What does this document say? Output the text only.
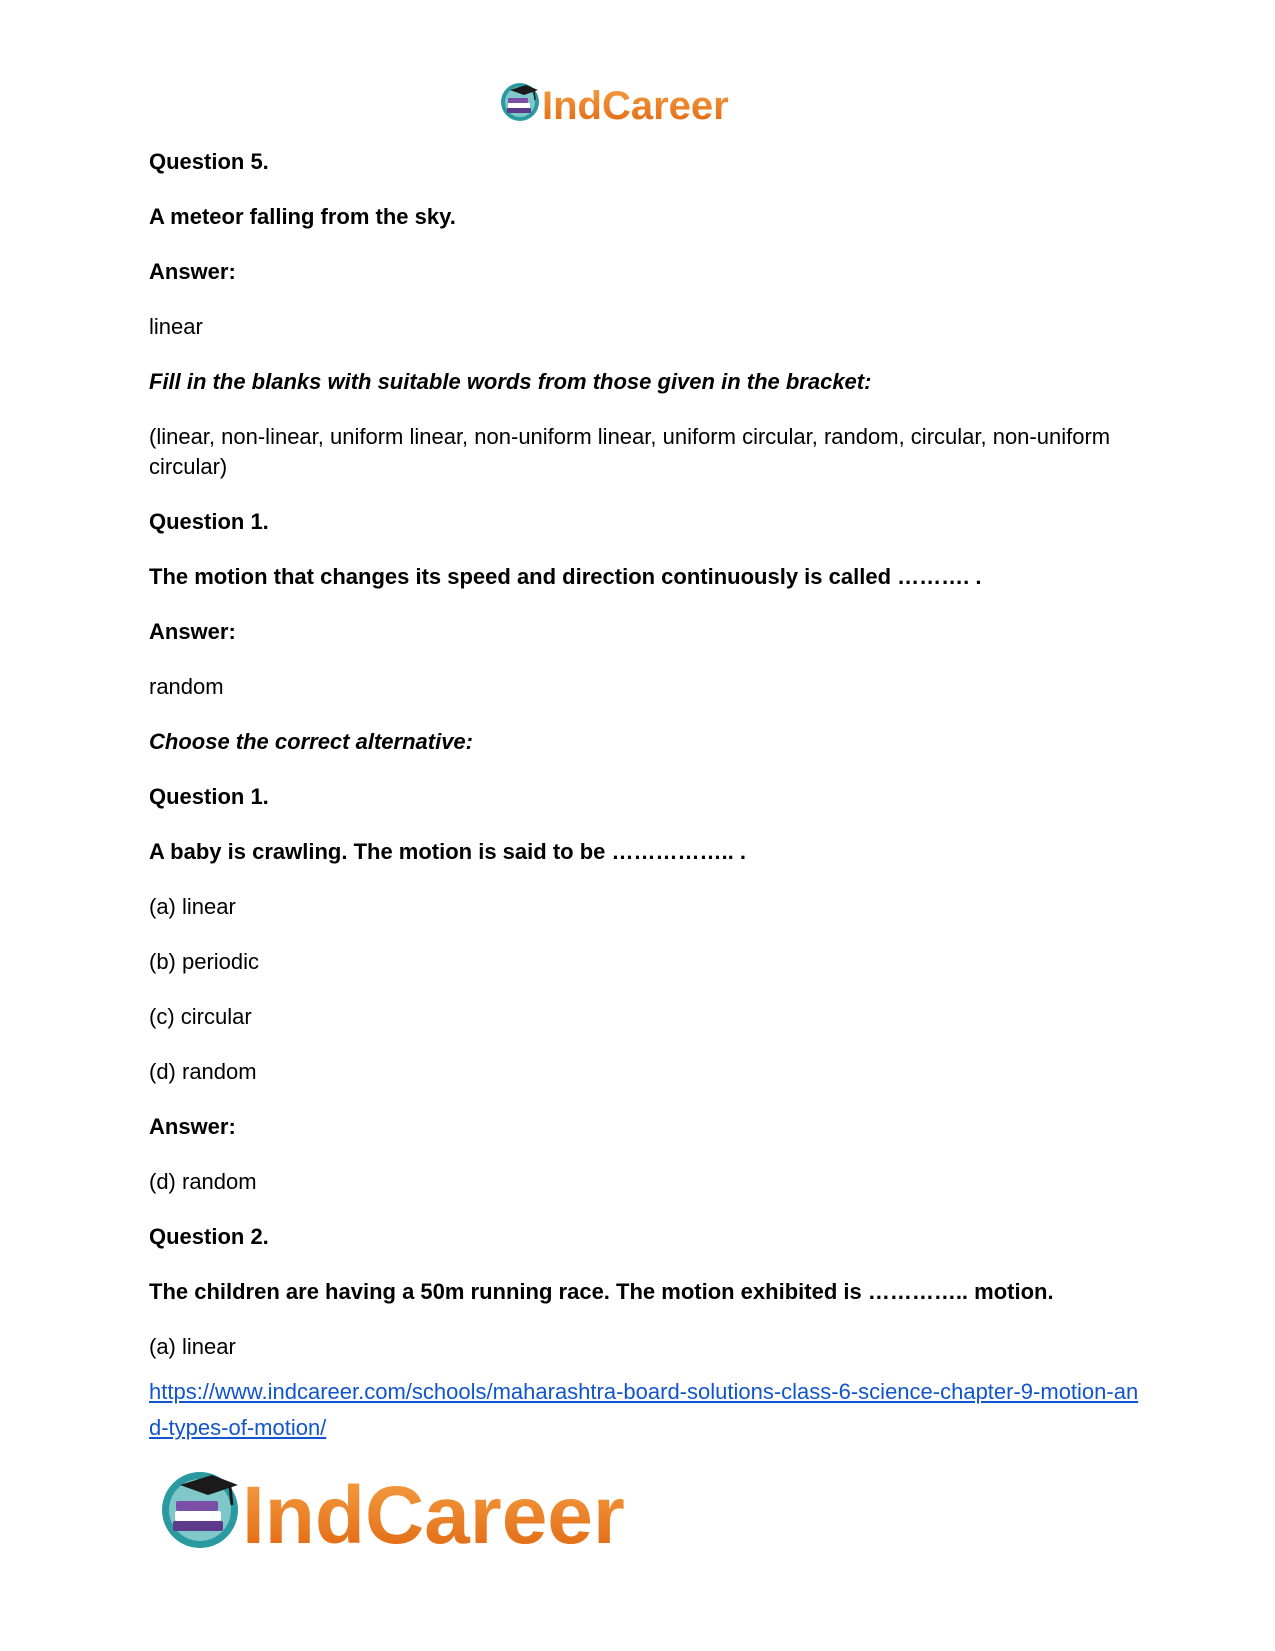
IndCareer

Question 5.

A meteor falling from the sky.

Answer:

linear

Fill in the blanks with suitable words from those given in the bracket:

(linear, non-linear, uniform linear, non-uniform linear, uniform circular, random, circular, non-uniform circular)

Question 1.

The motion that changes its speed and direction continuously is called ………. .

Answer:

random

Choose the correct alternative:

Question 1.

A baby is crawling. The motion is said to be …………….. .

(a) linear

(b) periodic

(c) circular

(d) random

Answer:

(d) random

Question 2.

The children are having a 50m running race. The motion exhibited is ………….. motion.

(a) linear

https://www.indcareer.com/schools/maharashtra-board-solutions-class-6-science-chapter-9-motion-and-types-of-motion/
IndCareer
